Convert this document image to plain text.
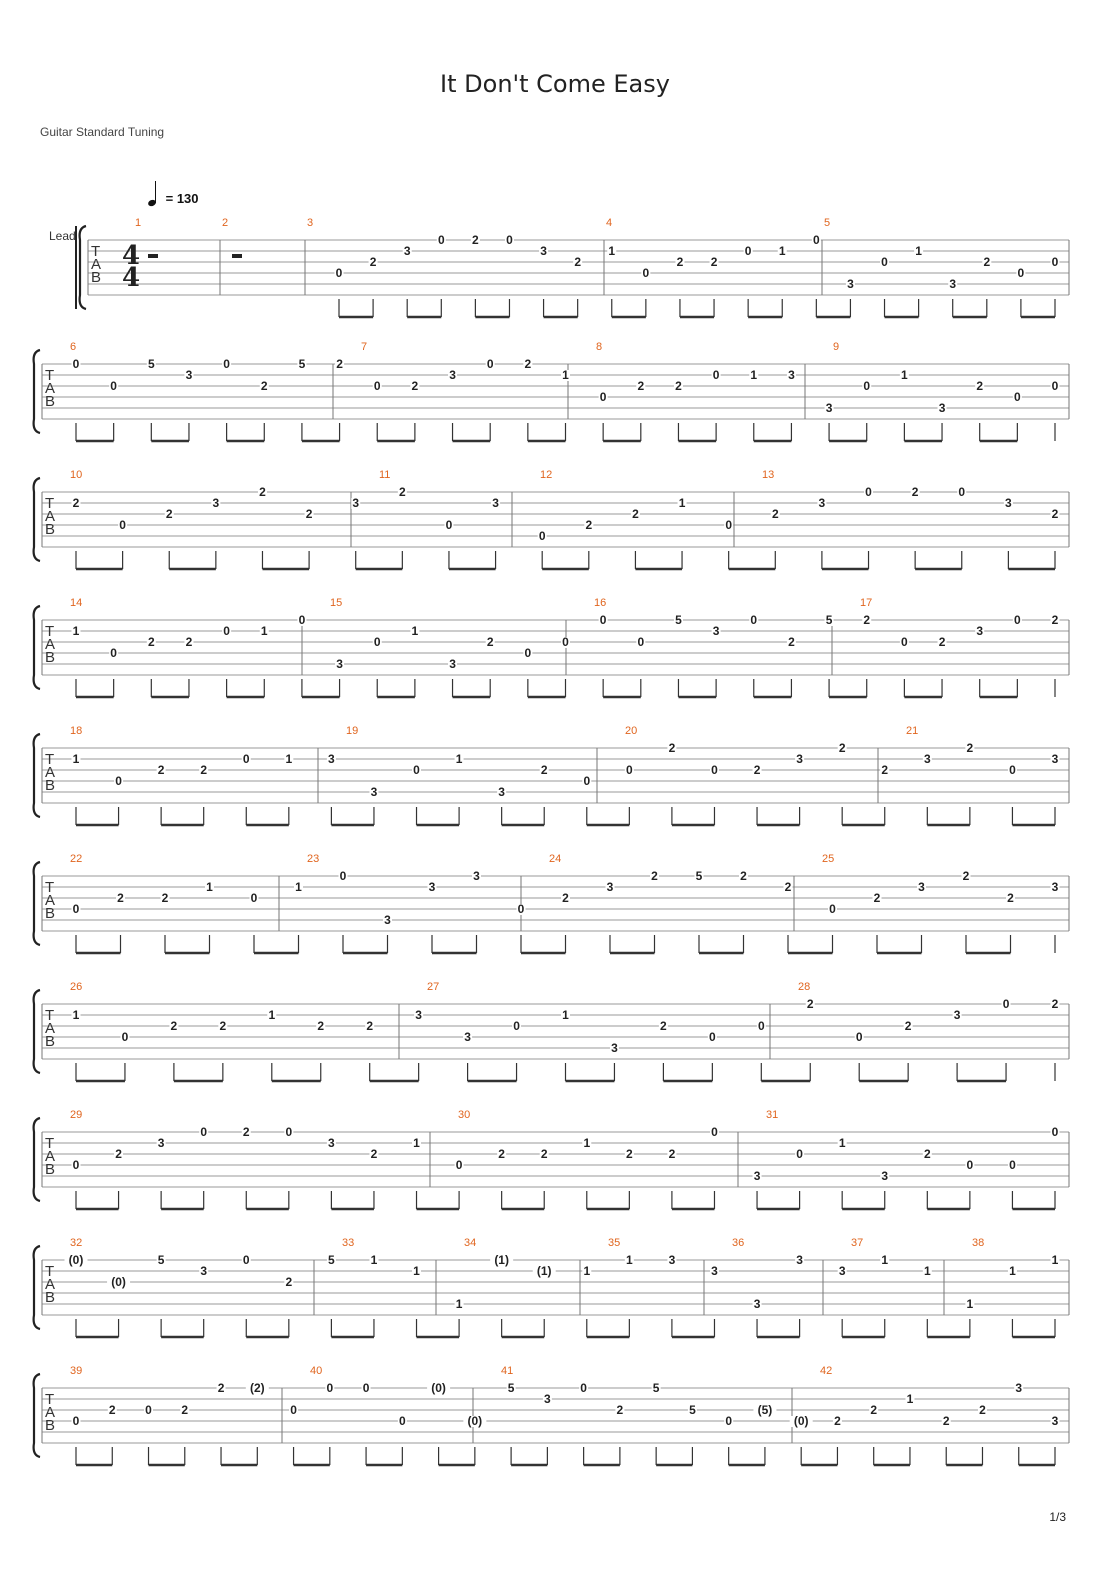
It Don't Come Easy
Guitar Standard Tuning
= 130
1/3
Lead
T
A
B
4
4
1	2	3	4	5
0
2
3
0 2 0
3
2
1
0
2 2
0 1
0
3
0
1
3
2
0
0
T
A
B
6	7	8	9
0
0
5
3
0
2
5	2
0	2
3
0	2
1
0
2	2
0	1	3
3
0
1
3
2
0
0
T
A
B
10	11	12	13
2
0
2
3
2
2
3
2
0
3
0
2
2
1
0
2
3
0	2	0
3
2
T
A
B
14	15	16	17
1
0
2	2
0	1
0
3
0
1
3
2
0
0
0
0
5
3
0
2
5	2
0	2
3
0	2
T
A
B
18	19	20	21
1
0
2	2
0	1	3
3
0
1
3
2
0
0
2
0	2
3
2
2
3
2
0
3
T
A
B
22	23	24	25
0
2	2
1
0
1
0
3
3
3
0
2
3
2	5	2
2
0
2
3
2
2
3
T
A
B
26	27	28
1
0
2	2
1
2	2
3
3
0
1
3
2
0
0
2
0
2
3
0	2
T
A
B
29	30	31
0
2
3
0	2	0
3
2
1
0
2	2
1
2	2
0
3
0
1
3
2
0	0
0
T
A
B
32	33	34	35	36	37	38
(0)
(0)
5
3
0
2
5	1
1
1
(1)
(1)	1
1	3
3
3
3
3
1
1
1
1
1
T
A
B
39	40	41	42
0
2 0 2
2 (2)
0
0 0
0
(0)
(0)
5
3
0
2
5
5
0
(5)
(0) 2
2
1
2
2
3
3
